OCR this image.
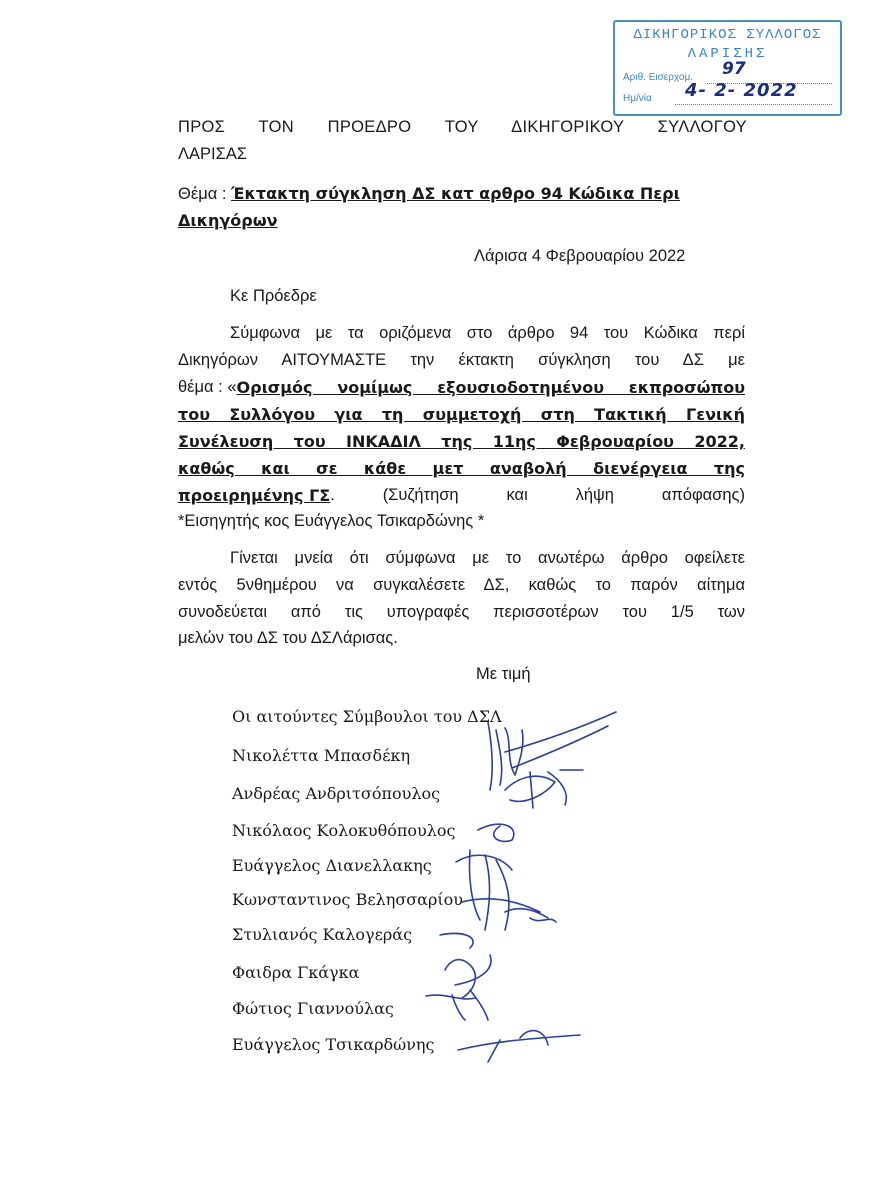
ΔΙΚΗΓΟΡΙΚΟΣ ΣΥΛΛΟΓΟΣ
ΛΑΡΙΣΗΣ
Αριθ. Εισερχομ.
Ημ/νία
97
4- 2- 2022
ΠΡΟΣ ΤΟΝ ΠΡΟΕΔΡΟ ΤΟΥ ΔΙΚΗΓΟΡΙΚΟΥ ΣΥΛΛΟΓΟΥ
ΛΑΡΙΣΑΣ
Θέμα : Έκτακτη σύγκληση ΔΣ κατ αρθρο 94 Κώδικα Περι
Δικηγόρων
Λάρισα 4 Φεβρουαρίου 2022
Κε Πρόεδρε
Σύμφωνα με τα οριζόμενα στο άρθρο 94 του Κώδικα περί
Δικηγόρων ΑΙΤΟΥΜΑΣΤΕ την έκτακτη σύγκληση του ΔΣ με
θέμα : « Ορισμός νομίμως εξουσιοδοτημένου εκπροσώπου
του Συλλόγου για τη συμμετοχή στη Τακτική Γενική
Συνέλευση του ΙΝΚΑΔΙΛ της 11ης Φεβρουαρίου 2022,
καθώς και σε κάθε μετ αναβολή διενέργεια της
προειρημένης ΓΣ . (Συζήτηση και λήψη απόφασης)
*Εισηγητής κος Ευάγγελος Τσικαρδώνης *
Γίνεται μνεία ότι σύμφωνα με το ανωτέρω άρθρο οφείλετε
εντός 5νθημέρου να συγκαλέσετε ΔΣ, καθώς το παρόν αίτημα
συνοδεύεται από τις υπογραφές περισσοτέρων του 1/5 των
μελών του ΔΣ του ΔΣΛάρισας.
Με τιμή
Οι αιτούντες Σύμβουλοι του ΔΣΛ
Νικολέττα Μπασδέκη
Ανδρέας Ανδριτσόπουλος
Νικόλαος Κολοκυθόπουλος
Ευάγγελος Διανελλακης
Κωνσταντινος Βελησσαρίου
Στυλιανός Καλογεράς
Φαιδρα Γκάγκα
Φώτιος Γιαννούλας
Ευάγγελος Τσικαρδώνης
